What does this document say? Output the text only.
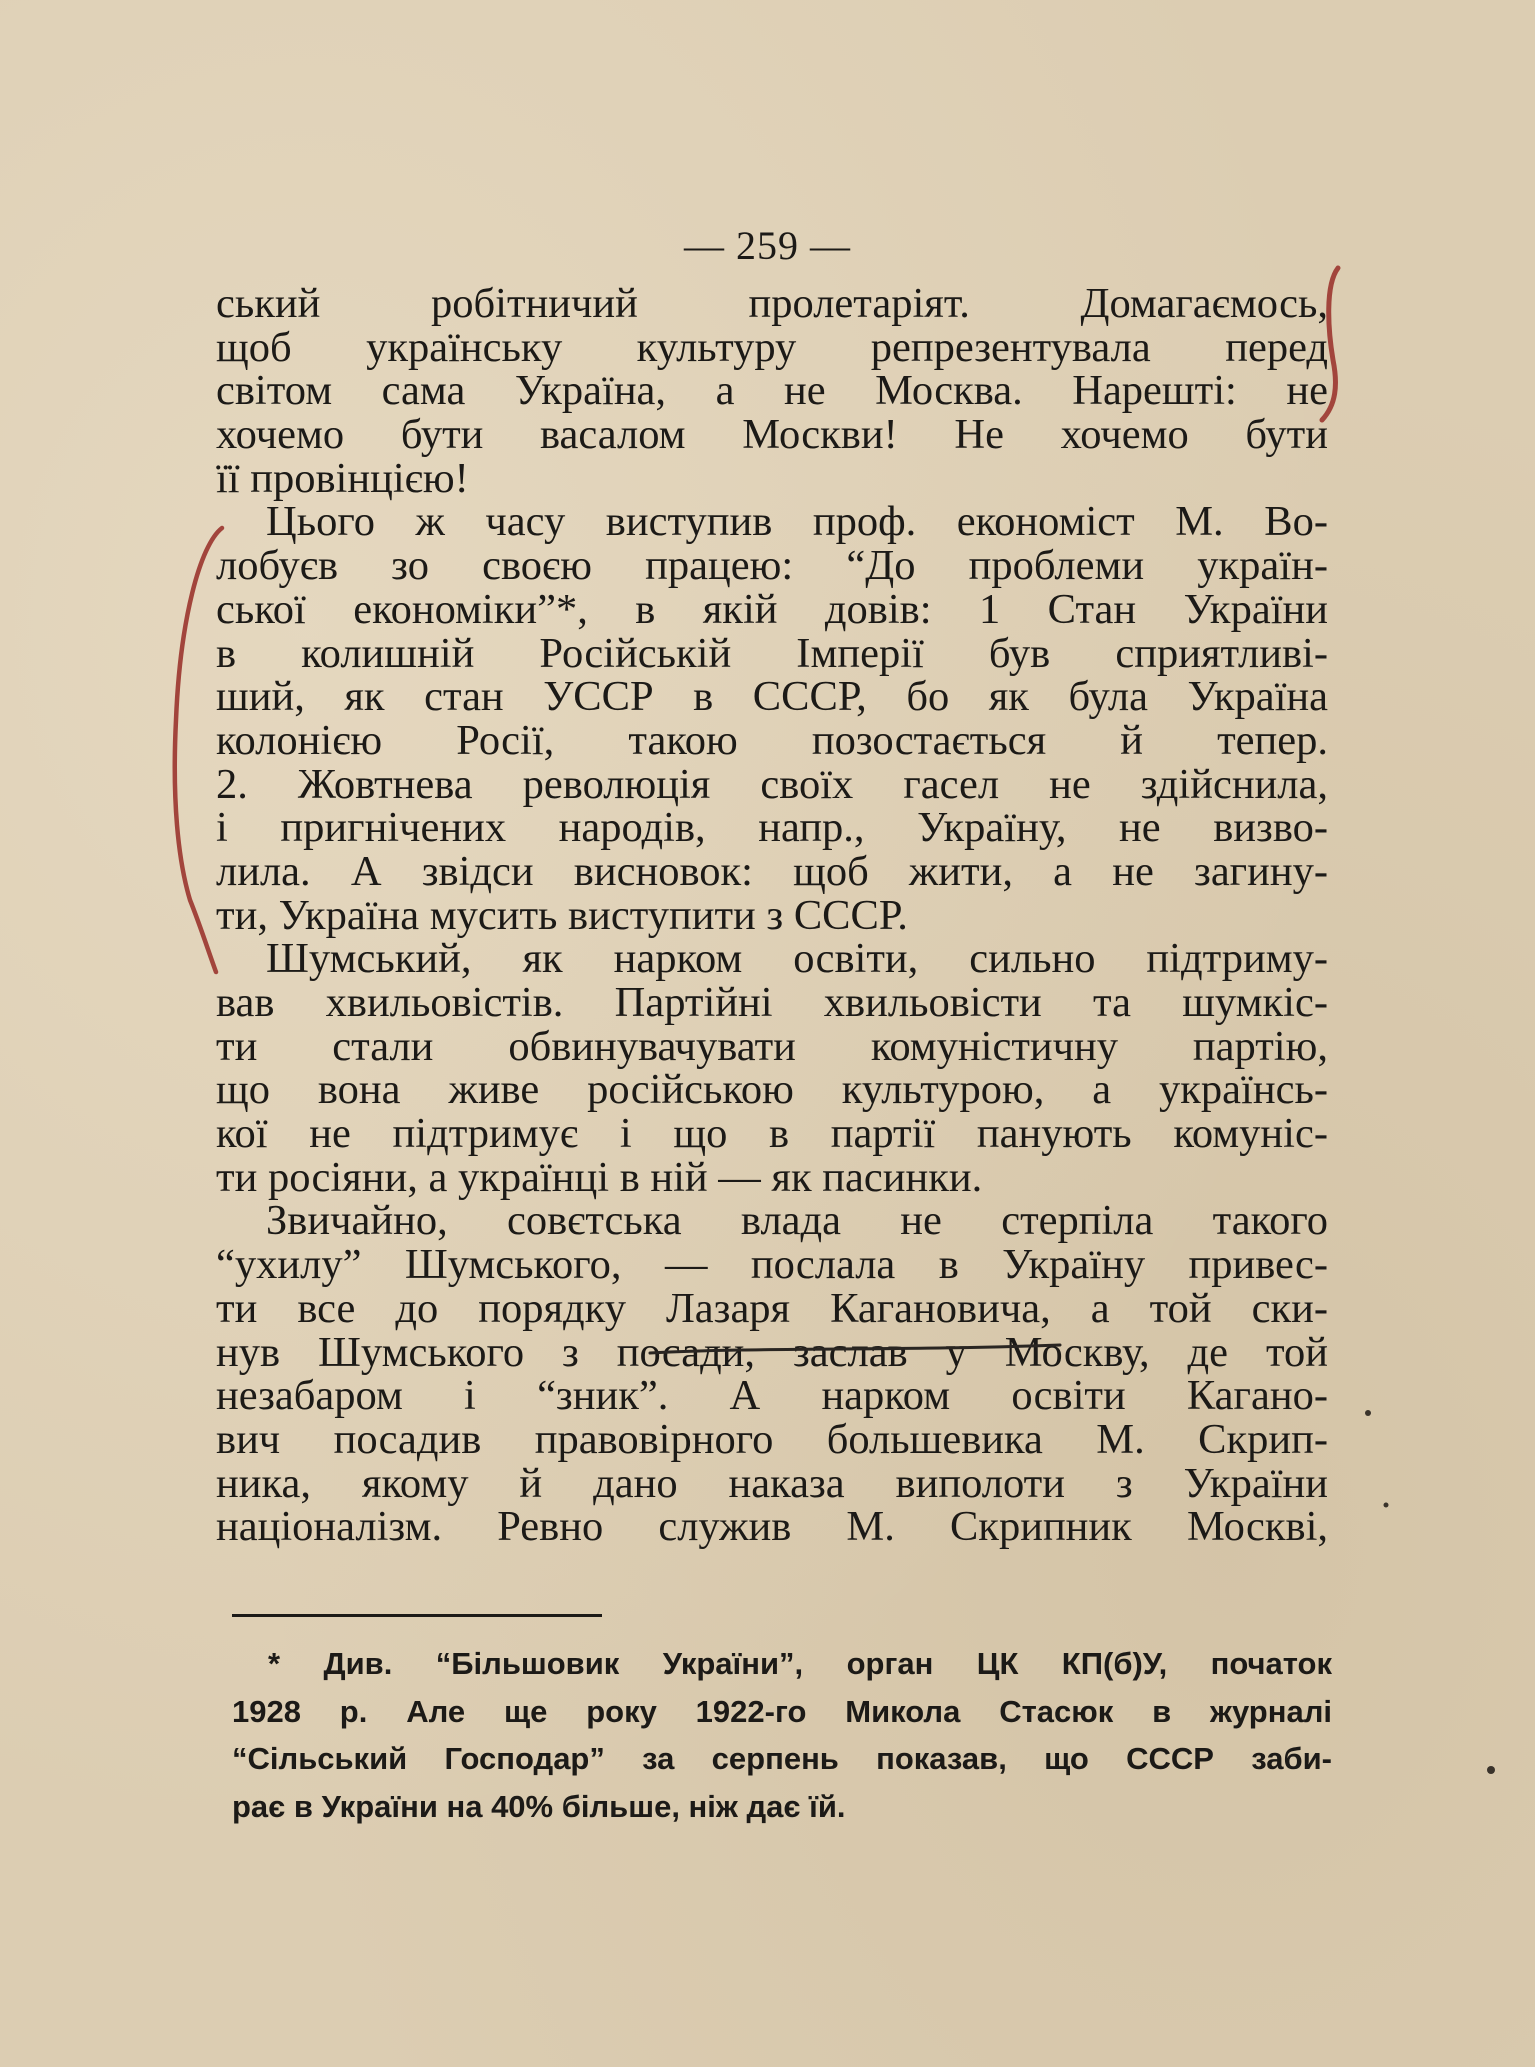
— 259 —
ський робітничий пролетаріят. Домагаємось,
щоб українську культуру репрезентувала перед
світом сама Україна, а не Москва. Нарешті: не
хочемо бути васалом Москви! Не хочемо бути
її провінцією!
Цього ж часу виступив проф. економіст М. Во-
лобуєв зо своєю працею: “До проблеми україн-
ської економіки”*, в якій довів: 1 Стан України
в колишній Російській Імперії був сприятливі-
ший, як стан УССР в СССР, бо як була Україна
колонією Росії, такою позостається й тепер.
2. Жовтнева революція своїх гасел не здійснила,
і пригнічених народів, напр., Україну, не визво-
лила. А звідси висновок: щоб жити, а не загину-
ти, Україна мусить виступити з СССР.
Шумський, як нарком освіти, сильно підтриму-
вав хвильовістів. Партійні хвильовісти та шумкіс-
ти стали обвинувачувати комуністичну партію,
що вона живе російською культурою, а українсь-
кої не підтримує і що в партії панують комуніс-
ти росіяни, а українці в ній — як пасинки.
Звичайно, совєтська влада не стерпіла такого
“ухилу” Шумського, — послала в Україну привес-
ти все до порядку Лазаря Кагановича, а той ски-
нув Шумського з посади, заслав у Москву, де той
незабаром і “зник”. А нарком освіти Кагано-
вич посадив правовірного большевика М. Скрип-
ника, якому й дано наказа виполоти з України
націоналізм. Ревно служив М. Скрипник Москві,
* Див. “Більшовик України”, орган ЦК КП(б)У, початок
1928 р. Але ще року 1922-го Микола Стасюк в журналі
“Сільський Господар” за серпень показав, що СССР заби-
рає в України на 40% більше, ніж дає їй.
